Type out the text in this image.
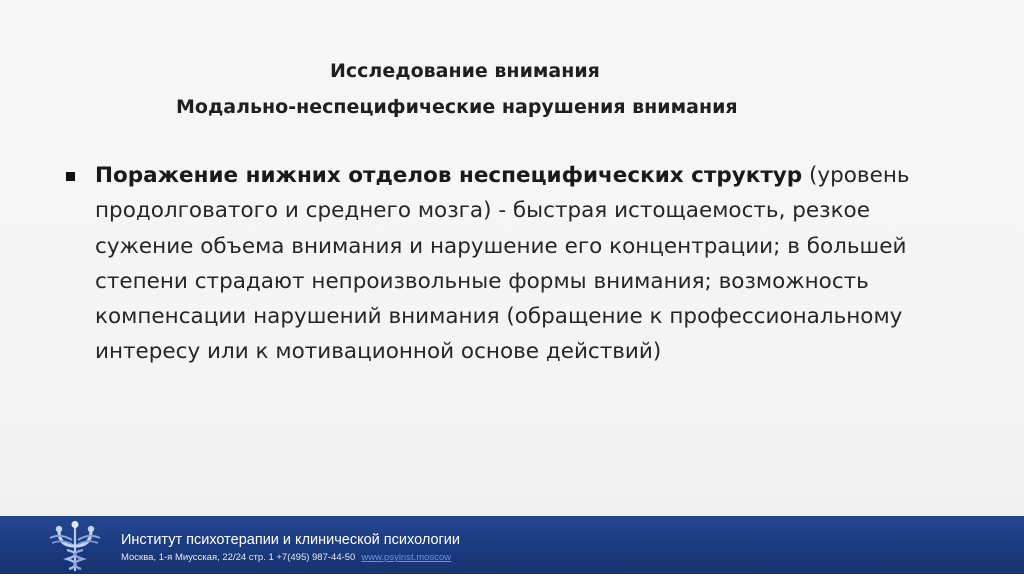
Исследование внимания
Модально-неспецифические нарушения внимания
Поражение нижних отделов неспецифических структур (уровень продолговатого и среднего мозга) - быстрая истощаемость, резкое сужение объема внимания и нарушение его концентрации; в большей степени страдают непроизвольные формы внимания; возможность компенсации нарушений внимания (обращение к профессиональному интересу или к мотивационной основе действий)
Институт психотерапии и клинической психологии
Москва, 1-я Миусская, 22/24 стр. 1 +7(495) 987-44-50 www.psyinst.moscow
